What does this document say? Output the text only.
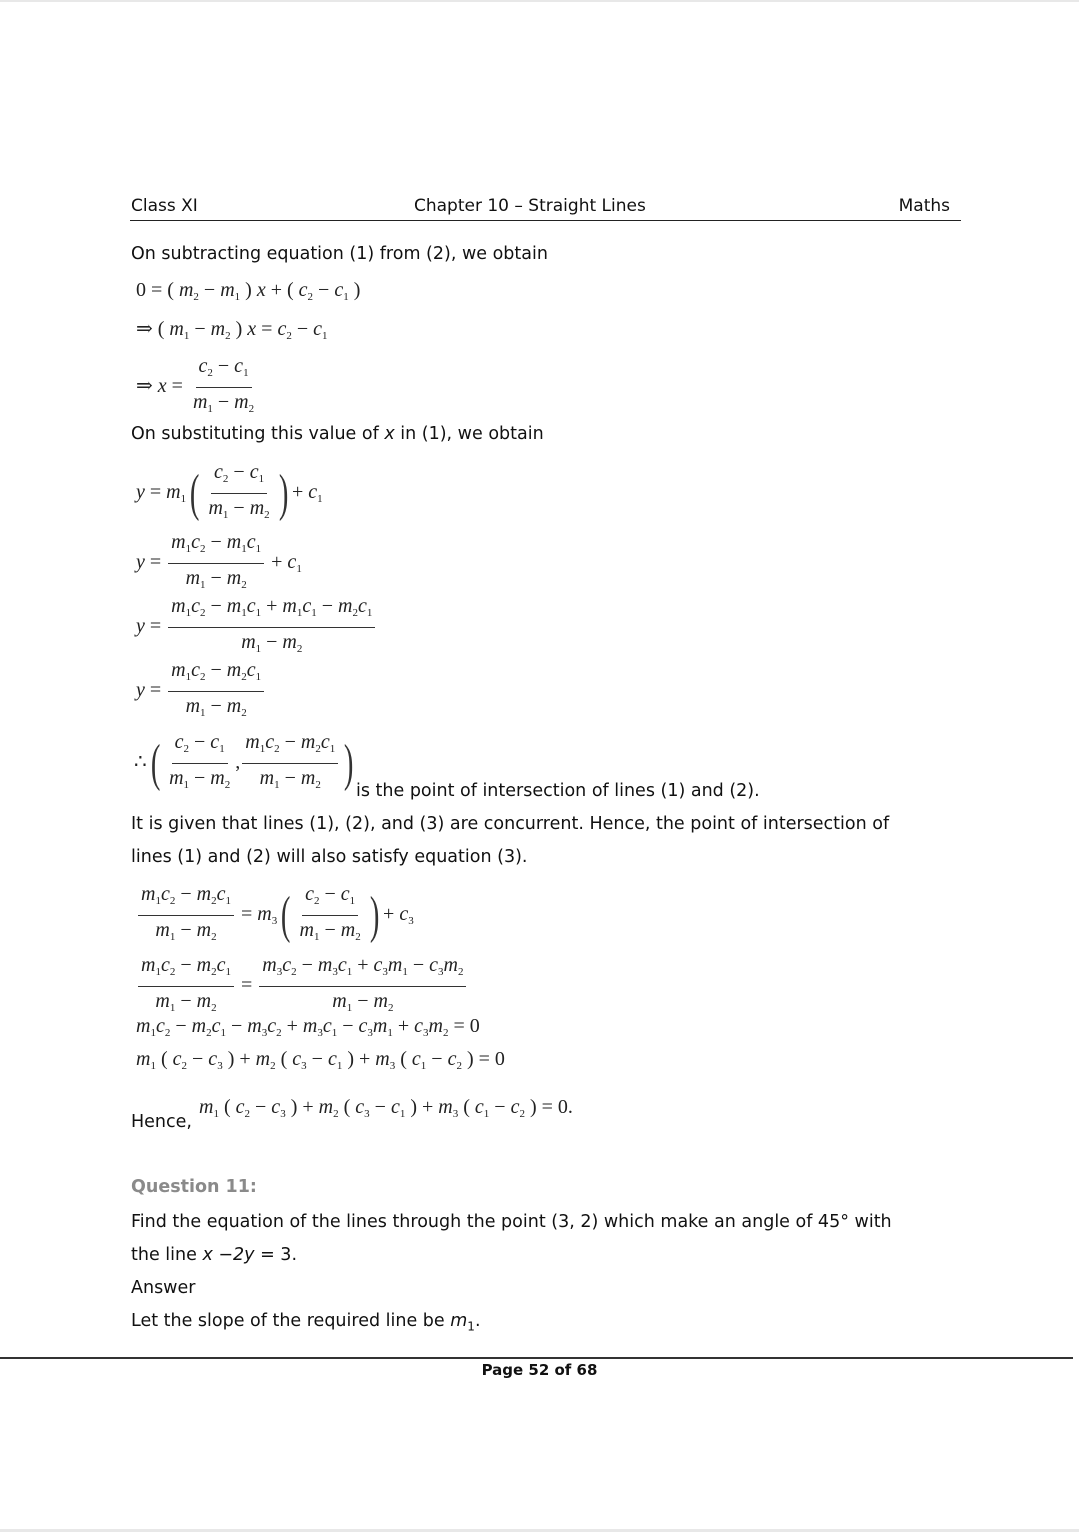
Class XI	Chapter 10 – Straight Lines	Maths
On subtracting equation (1) from (2), we obtain
0 = ( $m_2 - m_1$ ) x + ( $c_2 - c_1$ )
⇒ ( $m_1 - m_2$ ) $x = c_2 - c_1$
⇒ $x = \frac{c_2 - c_1}{m_1 - m_2}$
On substituting this value of x in (1), we obtain
$y = m_1( \frac{c_2 - c_1}{m_1 - m_2}$ ) + $c_1$
$y = \frac{m_1c_2 - m_1c_1}{m_1 - m_2} + c_1$
$y = \frac{m_1c_2 - m_1c_1 + m_1c_1 - m_2c_1}{m_1 - m_2}$
$y = \frac{m_1c_2 - m_2c_1}{m_1 - m_2}$
∴( $\frac{c_2 - c_1}{m_1 - m_2}$ , $\frac{m_1c_2 - m_2c_1}{m_1 - m_2}$ ) is the point of intersection of lines (1) and (2).
It is given that lines (1), (2), and (3) are concurrent. Hence, the point of intersection of
lines (1) and (2) will also satisfy equation (3).
$\frac{m_1c_2 - m_2c_1}{m_1 - m_2} = m_3( \frac{c_2 - c_1}{m_1 - m_2}$ ) + $c_3$
$\frac{m_1c_2 - m_2c_1}{m_1 - m_2} = \frac{m_3c_2 - m_3c_1 + c_3m_1 - c_3m_2}{m_1 - m_2}$
$m_1c_2 - m_2c_1 - m_3c_2 + m_3c_1 - c_3m_1 + c_3m_2 = 0$
$m_1$ ( $c_2 - c_3$ ) + $m_2$ ( $c_3 - c_1$ ) + $m_3$ ( $c_1 - c_2$ ) = 0
Hence,
$m_1$ ( $c_2 - c_3$ ) + $m_2$ ( $c_3 - c_1$ ) + $m_3$ ( $c_1 - c_2$ ) = 0.
Question 11:
Find the equation of the lines through the point (3, 2) which make an angle of 45° with
the line x −2y = 3.
Answer
Let the slope of the required line be $m_1$.
Page 52 of 68
